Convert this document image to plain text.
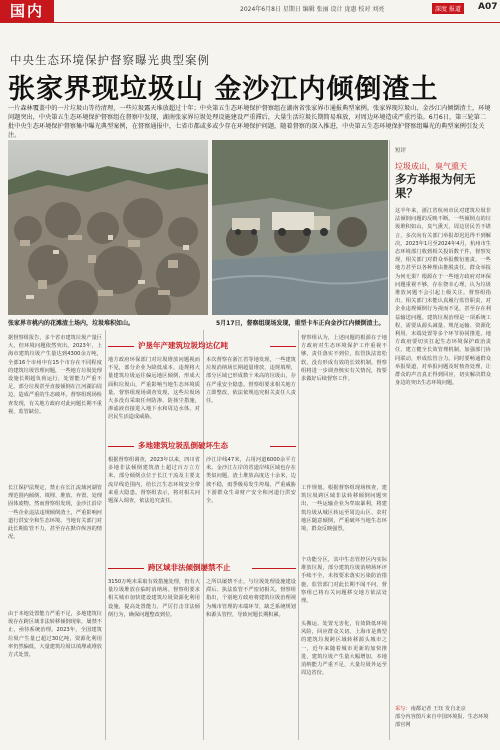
国内	2024年6月8日 星期日 编辑 张丽 设计 庞惠 校对 刘亮	深度 报道	A07
中央生态环境保护督察曝光典型案例
张家界现垃圾山 金沙江内倾倒渣土
一片森林覆盖中的一片垃圾山等待清理，一些垃圾露天堆放超过十年；中央第五生态环境保护督察组在湖南省张家界市通报典型案例。张家界现垃圾山、金沙江内倾倒渣土，环境问题突出，中央第五生态环境保护督察组在督察中发现，湖南张家界垃圾处理设施建设严重滞后，大量生活垃圾长期简易堆放，对周边环境造成严重污染。6月6日，第三轮第二批中央生态环境保护督察集中曝光典型案例，在督察通报中，七省市都或多或少存在环境保护问题，随着督察的深入推进，中央第五生态环境保护督察组曝光的典型案例引发关注。
张家界市桃内的花滩渣土场内，垃圾堆积如山。	5月17日，督察组现场发现，重型卡车正向金沙江内倾倒渣土。
短评
垃圾成山，臭气熏天
多方举报为何无果？
这半年来，浙江省杭州市民对建筑垃圾非法倾倒问题的反映不断。一些倾倒点的垃圾堆积如山，臭气熏天，周边居民苦不堪言，多次向有关部门举报却迟迟得不到解决。2023年1月至2024年4月，杭州市生态环境部门收到相关投诉数千件，督察发现，相关部门对群众举报敷衍塞责，一些地方甚至以各种理由推脱责任。群众举报为何无果？根源在于一些地方政府对环保问题重视不够，存在侥幸心理，认为垃圾堆放问题不会引起上级关注。督察组指出，相关部门未能认真履行监管职责，对企业违规倾倒行为视而不见，甚至存在利益输送问题。建筑垃圾治理是一项系统工程，需要从源头减量、规范运输、资源化利用、末端处置等多个环节协同推进。地方政府要切实扛起生态环境保护政治责任，建立健全长效管理机制，加强部门协同联动，形成监管合力。同时要畅通群众举报渠道，对举报问题及时核查处理，让群众的声音真正得到回应，切实解决群众身边的突出生态环境问题。
采写：南都记者 王珏 发自北京
部分内容图片来自中国环境报、生态环境部官网
据督察组报告，多个省市建筑垃圾产量巨大，但环境问题依然突出。2023年，上海市建筑垃圾产生量达到4300余万吨，全部16个市州中有15个市存在不同程度的建筑垃圾管理问题，一些地方垃圾处理设施长期超负荷运行，处置能力严重不足，部分垃圾甚至直接倾倒在江河湖泊周边，造成严重的生态破坏。督察组现场检查发现，有关地方政府对此问题长期不重视，监管缺位。
沪垦年产建筑垃圾均达亿吨
地方政府环保部门对垃圾堆放问题视而不见，部分企业为降低成本，违规将大量建筑垃圾运往偏远地区倾倒，形成大面积垃圾山，严重影响当地生态环境质量。督察组现场调查发现，这些垃圾场大多没有采取任何防渗、防扬尘措施，渗滤液直接进入地下水和周边水体，对居民生活造成威胁。
本次督察在浙江省等地发现，一些建筑垃圾消纳场长期超量堆放，违规填埋，部分区域已形成数十米高的垃圾山，存在严重安全隐患。督察组要求相关地方立即整改，依法依规追究相关责任人责任。
督察组认为，上述问题的根源在于地方政府对生态环境保护工作重视不够，责任落实不到位，监管执法宽松软，没有形成有效的长效机制。督察组将进一步调查核实有关情况，按要求做好后续督察工作。
多地建筑垃圾乱倒破坏生态
长江保护法规定，禁止在长江流域河湖管理范围内倾倒、填埋、堆放、弃置、处理固体废物。然而督察组发现，金沙江沿岸一些企业违法违规倾倒渣土，严重影响河道行洪安全和生态环境。当地有关部门对此长期监管不力，甚至存在默许纵容的情况。
根据督察组调查，2023年以来，四川省多地非法倾倒建筑渣土超过百万立方米，部分倾倒点位于长江干流及主要支流岸线范围内，给长江生态环境安全带来重大隐患。督察组表示，将对相关问题深入调查，依法追究责任。
沙江岸线47米，占用河道6000余平方米。金沙江左岸的省道岸线区域也存在类似问题，渣土堆放高度达十余米，边坡不稳，雨季极易发生垮塌，严重威胁下游群众生命财产安全和河道行洪安全。
工作规划。根据督察组现场核查，建筑垃圾跨区域非法转移倾倒问题突出，一些运输企业为牟取暴利，将建筑垃圾从城区转运至周边山区、农村地区随意倾倒，严重破坏当地生态环境，群众反映强烈。
个功能分区，其中生态管控区内实际堆放垃圾，部分建筑垃圾消纳场环评手续不全，未按要求落实污染防治措施，监管部门对此长期不闻不问，督察组已将有关问题移交地方依法处理。
跨区域非法倾倒屡禁不止
由于本地处置能力严重不足，多地建筑垃圾存在跨区域非法转移倾倒现象，屡禁不止，亟待系统治理。2023年，全国建筑垃圾产生量已超过30亿吨，资源化利用率仍然偏低，大量建筑垃圾以填埋或堆放方式处置。
3150万吨未采取有效措施处理，仍有大量垃圾堆放在临时消纳场。督察组要求相关城市加快建设建筑垃圾资源化利用设施，提高处置能力，严厉打击非法倾倒行为，确保问题整改到位。
之所以屡禁不止，与垃圾处理设施建设滞后、执法监管不严密切相关。督察组指出，个别地方政府将建筑垃圾治理视为城市管理的末端环节，缺乏系统规划和源头管控，导致问题长期积累。
头搬运、处置无害化，有效降低环境风险，回应群众关切。上海市是典型的建筑垃圾跨区域转移源头城市之一，近年来随着城市更新的加快推进，建筑垃圾产生量大幅增加，本地消纳能力严重不足，大量垃圾外运至周边省份。
